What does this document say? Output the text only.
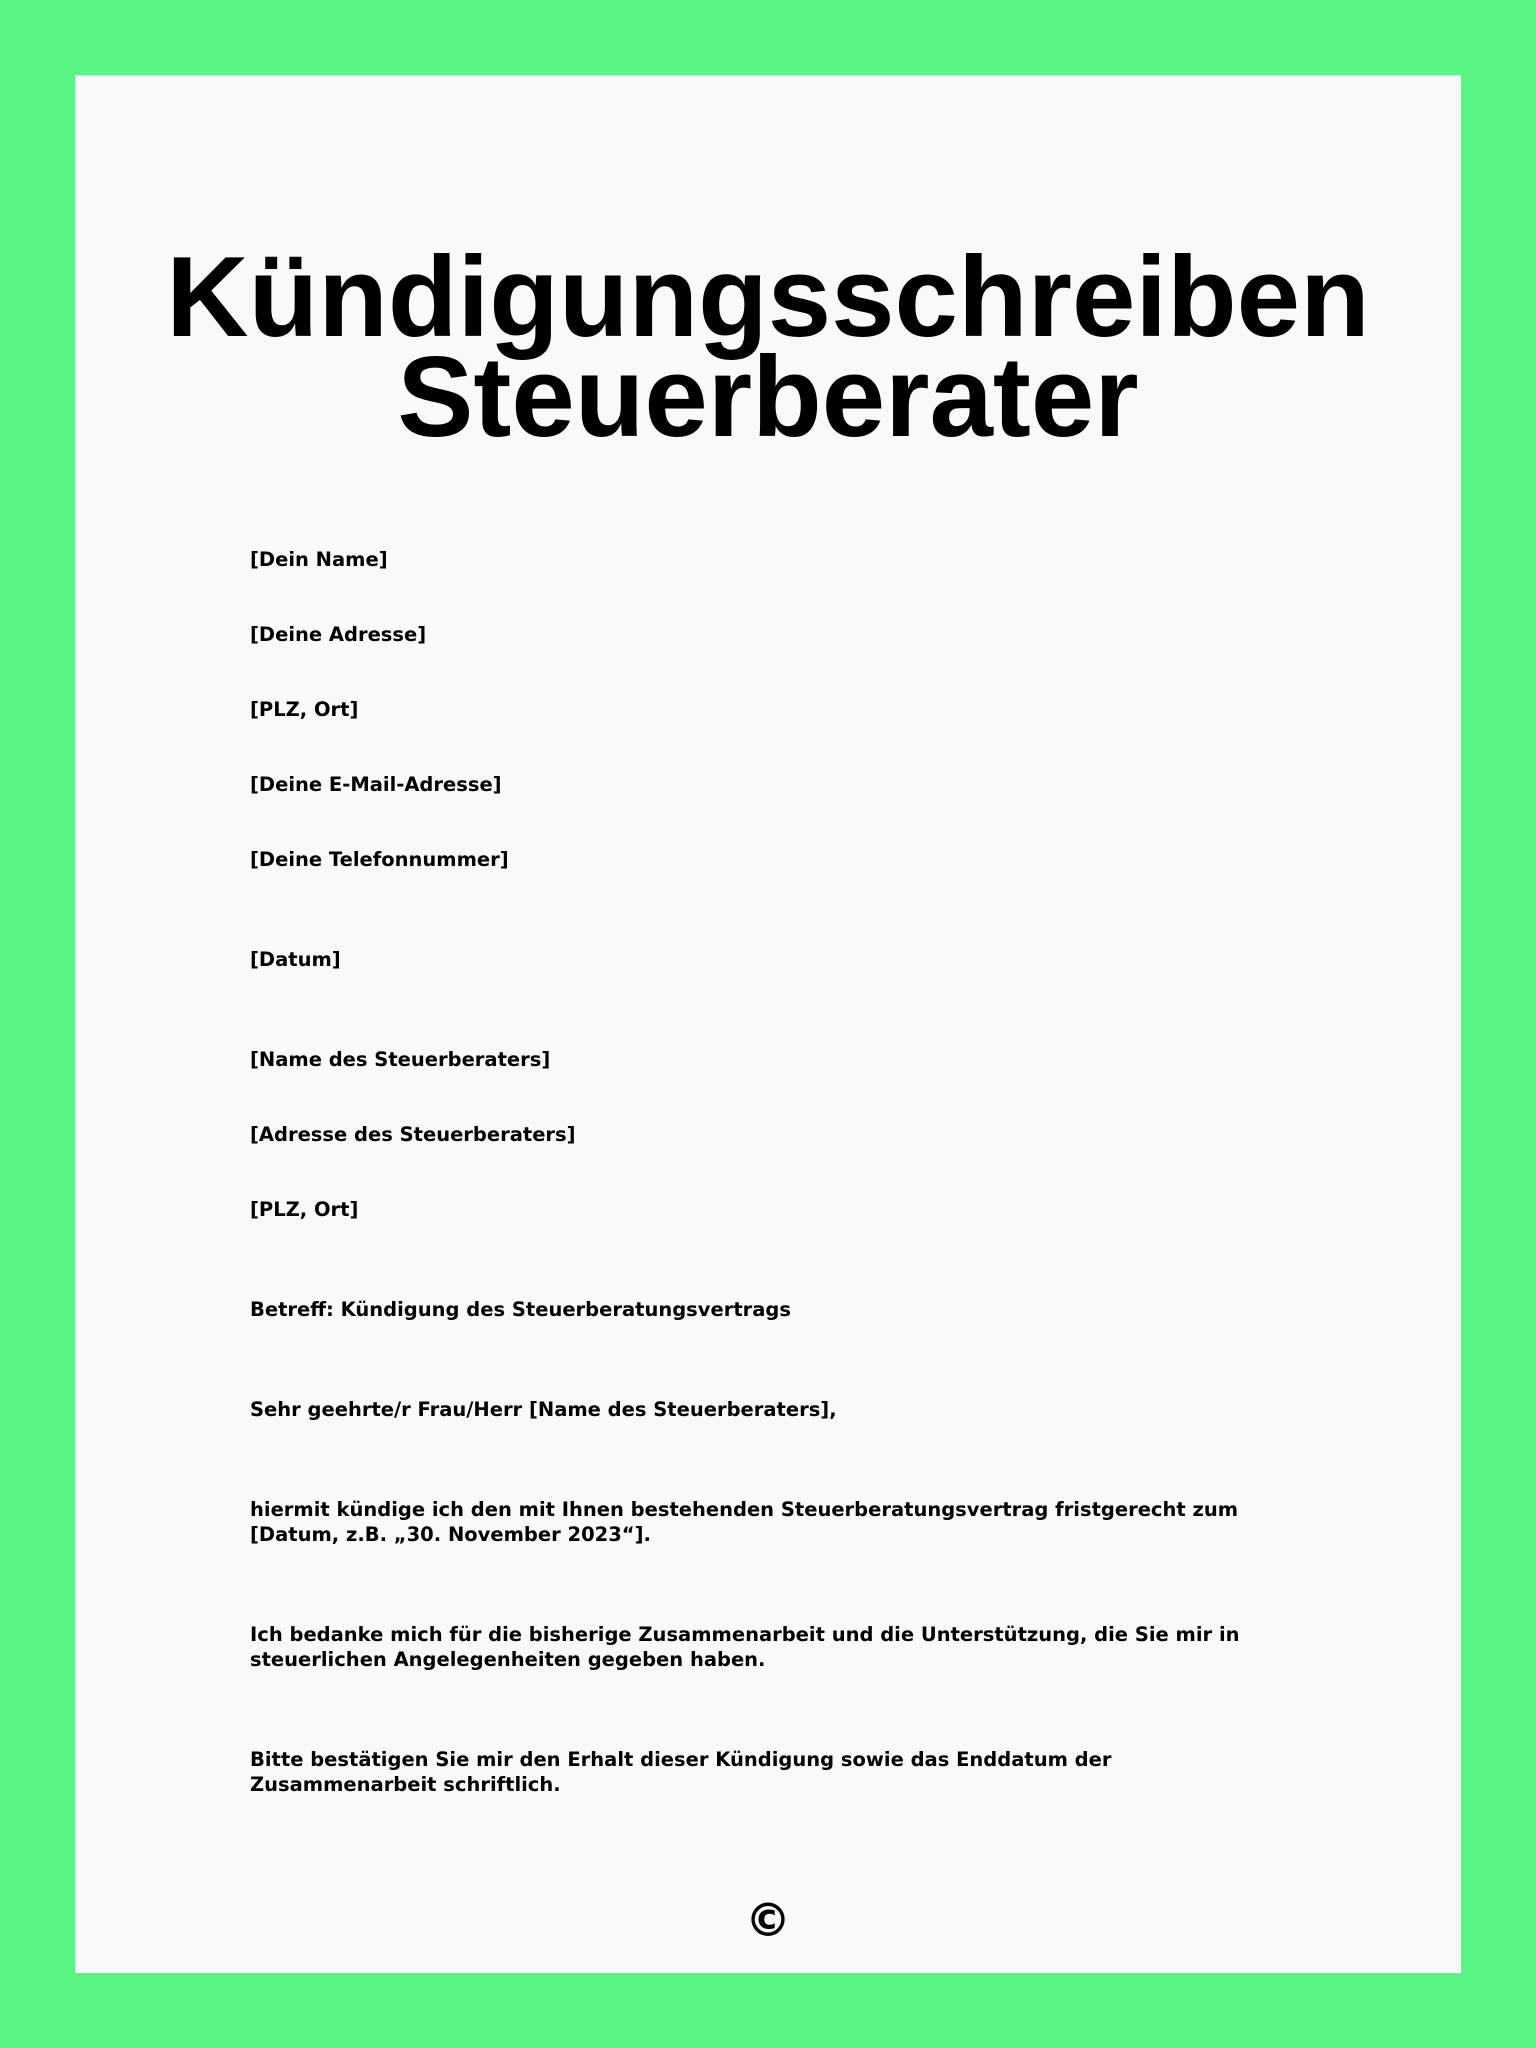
Kündigungsschreiben
Steuerberater

[Dein Name]

[Deine Adresse]

[PLZ, Ort]

[Deine E-Mail-Adresse]

[Deine Telefonnummer]

[Datum]

[Name des Steuerberaters]

[Adresse des Steuerberaters]

[PLZ, Ort]

Betreff: Kündigung des Steuerberatungsvertrags

Sehr geehrte/r Frau/Herr [Name des Steuerberaters],

hiermit kündige ich den mit Ihnen bestehenden Steuerberatungsvertrag fristgerecht zum [Datum, z.B. „30. November 2023“].

Ich bedanke mich für die bisherige Zusammenarbeit und die Unterstützung, die Sie mir in steuerlichen Angelegenheiten gegeben haben.

Bitte bestätigen Sie mir den Erhalt dieser Kündigung sowie das Enddatum der Zusammenarbeit schriftlich.

©
